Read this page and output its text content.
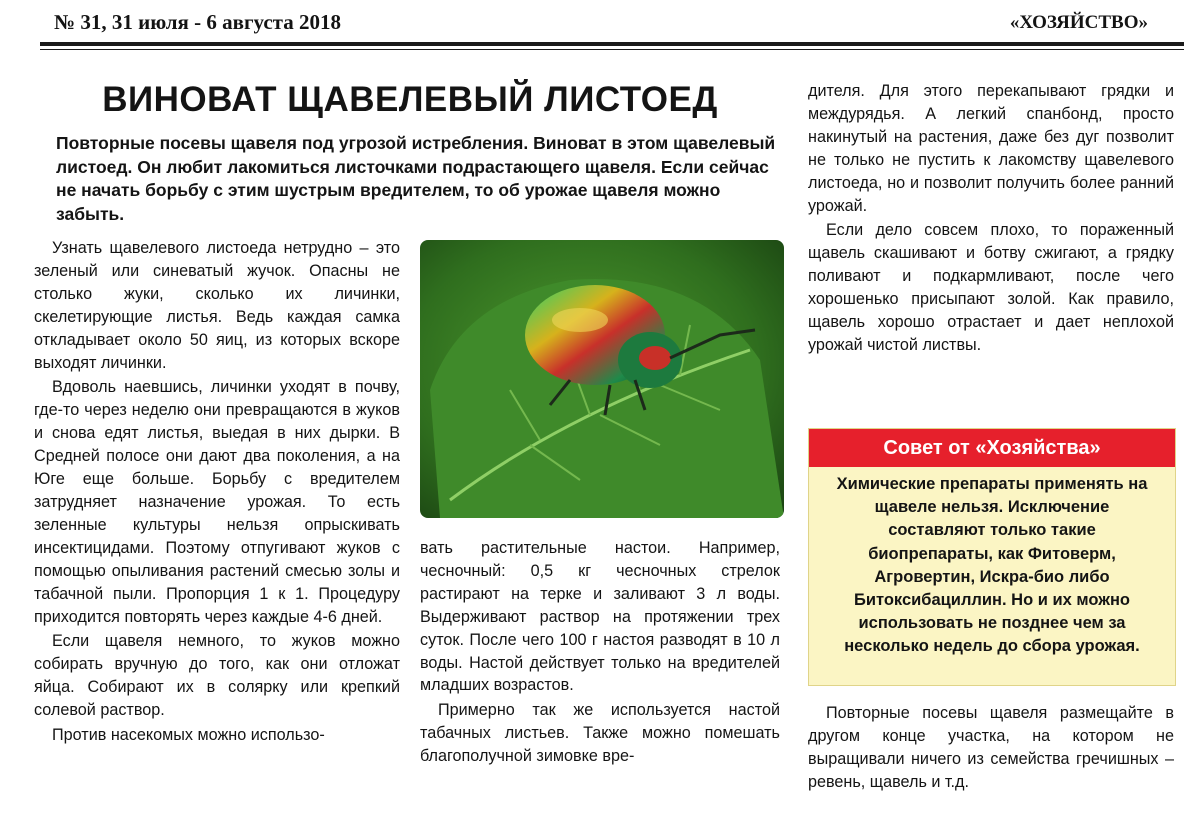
№ 31, 31 июля - 6 августа 2018	«ХОЗЯЙСТВО»
ВИНОВАТ ЩАВЕЛЕВЫЙ ЛИСТОЕД

Повторные посевы щавеля под угрозой истребления. Виноват в этом щавелевый листоед. Он любит лакомиться листочками подрастающего щавеля. Если сейчас не начать борьбу с этим шустрым вредителем, то об урожае щавеля можно забыть.

Узнать щавелевого листоеда нетрудно – это зеленый или синеватый жучок. Опасны не столько жуки, сколько их личинки, скелетирующие листья. Ведь каждая самка откладывает около 50 яиц, из которых вскоре выходят личинки.

Вдоволь наевшись, личинки уходят в почву, где-то через неделю они превращаются в жуков и снова едят листья, выедая в них дырки. В Средней полосе они дают два поколения, а на Юге еще больше. Борьбу с вредителем затрудняет назначение урожая. То есть зеленные культуры нельзя опрыскивать инсектицидами. Поэтому отпугивают жуков с помощью опыливания растений смесью золы и табачной пыли. Пропорция 1 к 1. Процедуру приходится повторять через каждые 4-6 дней.

Если щавеля немного, то жуков можно собирать вручную до того, как они отложат яйца. Собирают их в солярку или крепкий солевой раствор.

Против насекомых можно использо-

вать растительные настои. Например, чесночный: 0,5 кг чесночных стрелок растирают на терке и заливают 3 л воды. Выдерживают раствор на протяжении трех суток. После чего 100 г настоя разводят в 10 л воды. Настой действует только на вредителей младших возрастов.

Примерно так же используется настой табачных листьев. Также можно помешать благополучной зимовке вре-

дителя. Для этого перекапывают грядки и междурядья. А легкий спанбонд, просто накинутый на растения, даже без дуг позволит не только не пустить к лакомству щавелевого листоеда, но и позволит получить более ранний урожай.

Если дело совсем плохо, то пораженный щавель скашивают и ботву сжигают, а грядку поливают и подкармливают, после чего хорошенько присыпают золой. Как правило, щавель хорошо отрастает и дает неплохой урожай чистой листвы.

Совет от «Хозяйства»
Химические препараты применять на щавеле нельзя. Исключение составляют только такие биопрепараты, как Фитоверм, Агровертин, Искра-био либо Битоксибациллин. Но и их можно использовать не позднее чем за несколько недель до сбора урожая.

Повторные посевы щавеля размещайте в другом конце участка, на котором не выращивали ничего из семейства гречишных – ревень, щавель и т.д.
